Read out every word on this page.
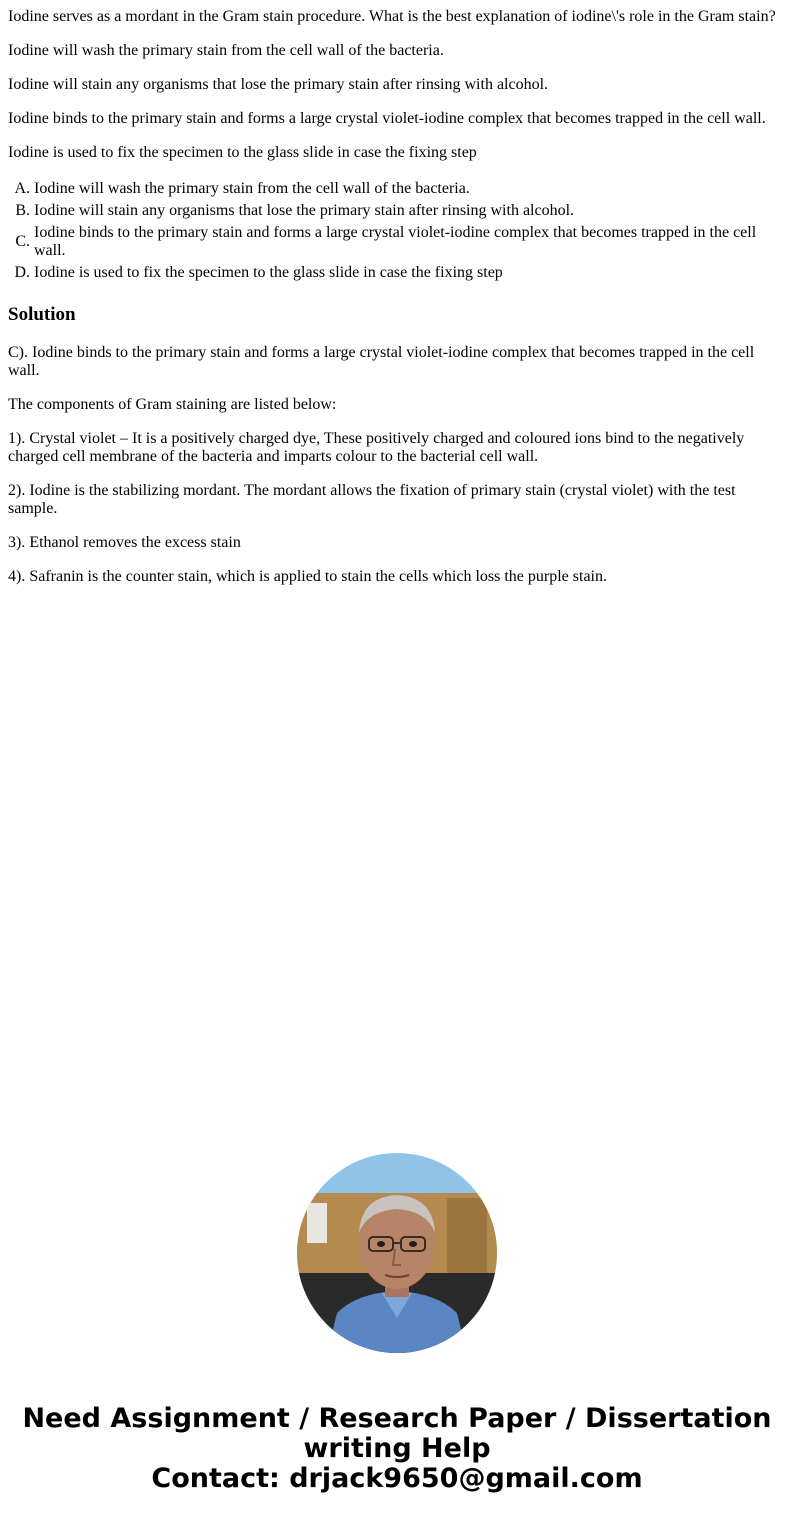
Iodine serves as a mordant in the Gram stain procedure. What is the best explanation of iodine\'s role in the Gram stain?

Iodine will wash the primary stain from the cell wall of the bacteria.

Iodine will stain any organisms that lose the primary stain after rinsing with alcohol.

Iodine binds to the primary stain and forms a large crystal violet-iodine complex that becomes trapped in the cell wall.

Iodine is used to fix the specimen to the glass slide in case the fixing step

A. Iodine will wash the primary stain from the cell wall of the bacteria.
B. Iodine will stain any organisms that lose the primary stain after rinsing with alcohol.
C.
Iodine binds to the primary stain and forms a large crystal violet-iodine complex that becomes trapped in the cell wall.
D. Iodine is used to fix the specimen to the glass slide in case the fixing step
Solution

C). Iodine binds to the primary stain and forms a large crystal violet-iodine complex that becomes trapped in the cell wall.

The components of Gram staining are listed below:

1). Crystal violet – It is a positively charged dye, These positively charged and coloured ions bind to the negatively charged cell membrane of the bacteria and imparts colour to the bacterial cell wall.

2). Iodine is the stabilizing mordant. The mordant allows the fixation of primary stain (crystal violet) with the test sample.

3). Ethanol removes the excess stain

4). Safranin is the counter stain, which is applied to stain the cells which loss the purple stain.

Need Assignment / Research Paper / Dissertation
writing Help
Contact: drjack9650@gmail.com
